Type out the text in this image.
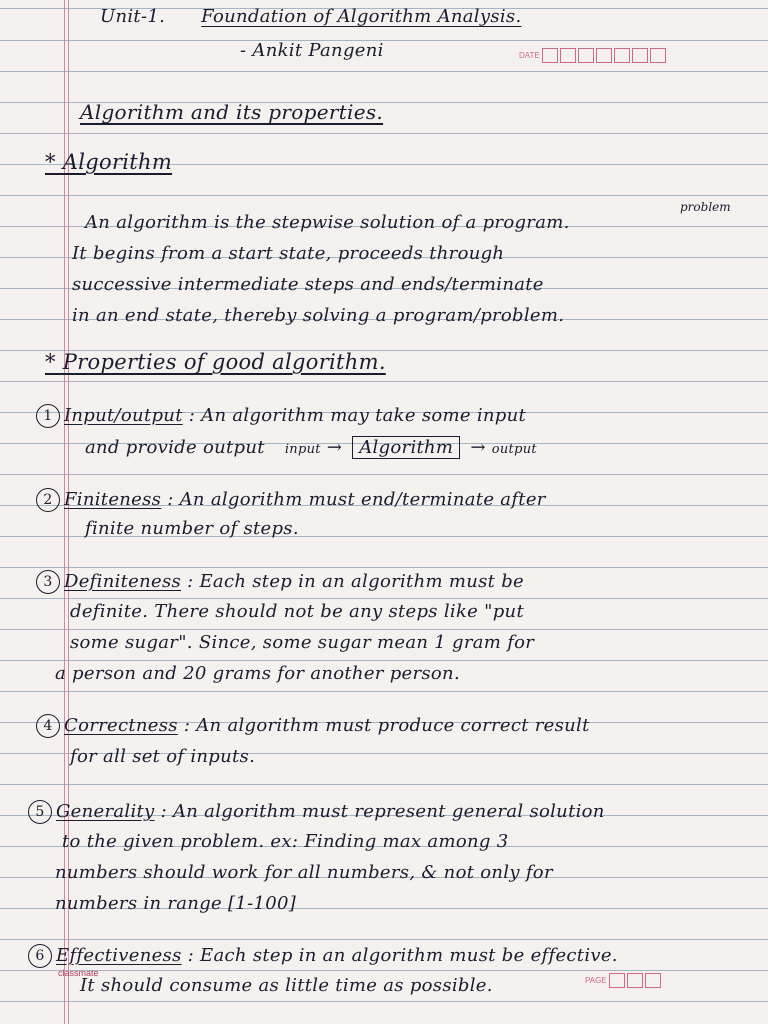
Unit-1. Foundation of Algorithm Analysis.
- Ankit Pangeni	DATE
Algorithm and its properties.
* Algorithm
problem
An algorithm is the stepwise solution of a program.
It begins from a start state, proceeds through
successive intermediate steps and ends/terminate
in an end state, thereby solving a program/problem.
* Properties of good algorithm.
1 Input/output : An algorithm may take some input
and provide output input → Algorithm → output
2 Finiteness : An algorithm must end/terminate after
finite number of steps.
3 Definiteness : Each step in an algorithm must be
definite. There should not be any steps like "put
some sugar". Since, some sugar mean 1 gram for
a person and 20 grams for another person.
4 Correctness : An algorithm must produce correct result
for all set of inputs.
5 Generality : An algorithm must represent general solution
to the given problem. ex: Finding max among 3
numbers should work for all numbers, & not only for
numbers in range [1-100]
6 Effectiveness : Each step in an algorithm must be effective.
It should consume as little time as possible.
classmate
PAGE
